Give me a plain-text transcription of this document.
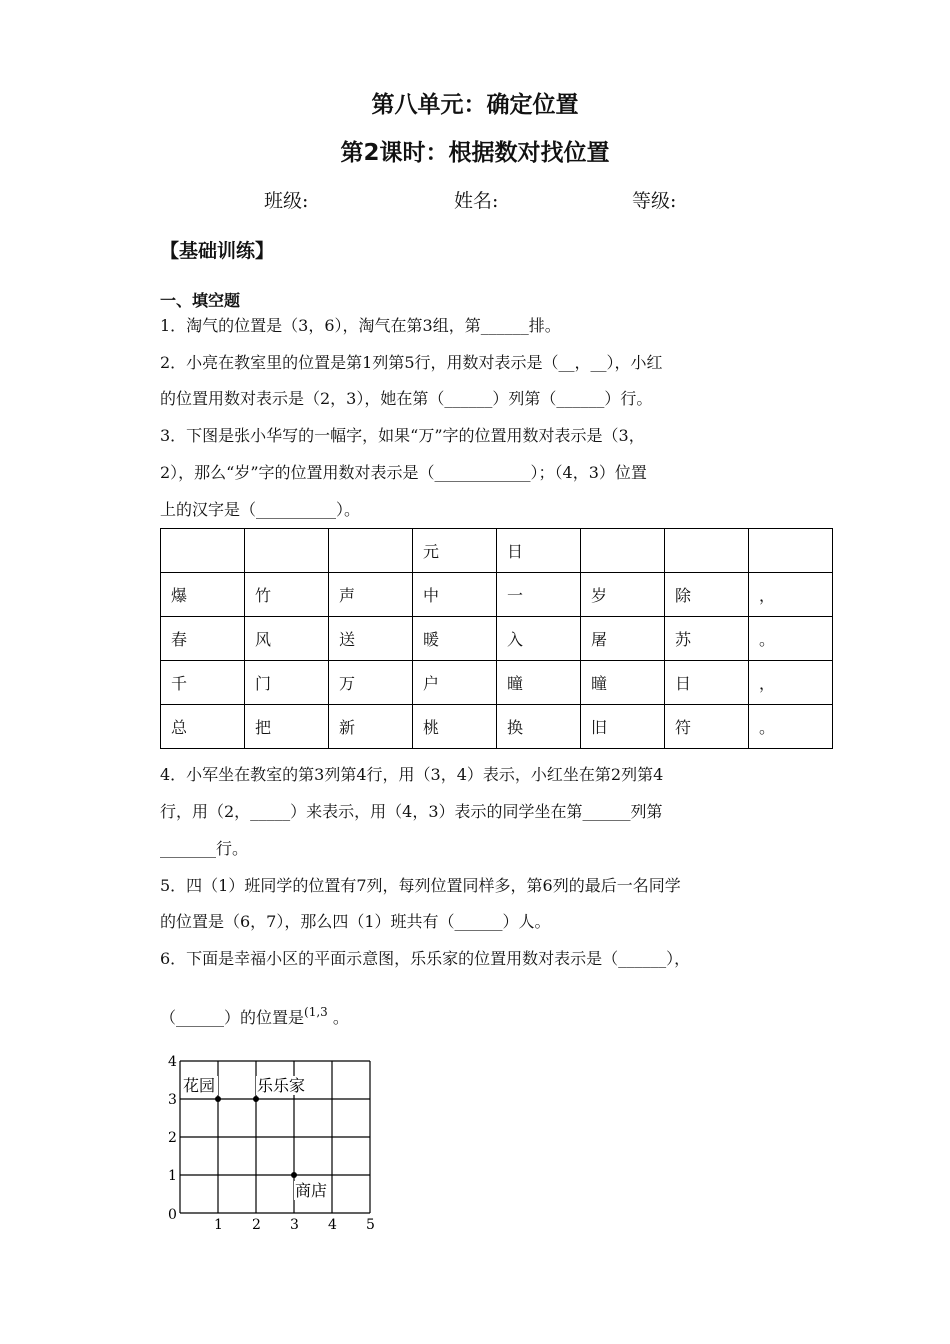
第八单元：确定位置
第2课时：根据数对找位置
班级:	姓名:	等级:
【基础训练】
一、填空题
1．淘气的位置是（3，6），淘气在第3组，第______排。
2．小亮在教室里的位置是第1列第5行，用数对表示是（__，__），小红
的位置用数对表示是（2，3），她在第（______）列第（______）行。
3．下图是张小华写的一幅字，如果“万”字的位置用数对表示是（3，
2），那么“岁”字的位置用数对表示是（____________）；（4，3）位置
上的汉字是（__________）。
			元	日			
爆	竹	声	中	一	岁	除	，
春	风	送	暖	入	屠	苏	。
千	门	万	户	曈	曈	日	，
总	把	新	桃	换	旧	符	。
4．小军坐在教室的第3列第4行，用（3，4）表示，小红坐在第2列第4
行，用（2，_____）来表示，用（4，3）表示的同学坐在第______列第
_______行。
5．四（1）班同学的位置有7列，每列位置同样多，第6列的最后一名同学
的位置是（6，7），那么四（1）班共有（______）人。
6．下面是幸福小区的平面示意图，乐乐家的位置用数对表示是（______），
（______）的位置是$^{(1,3}$ 。
0
1 2 3 4 5
1
2
3
4
花园	乐乐家
商店
